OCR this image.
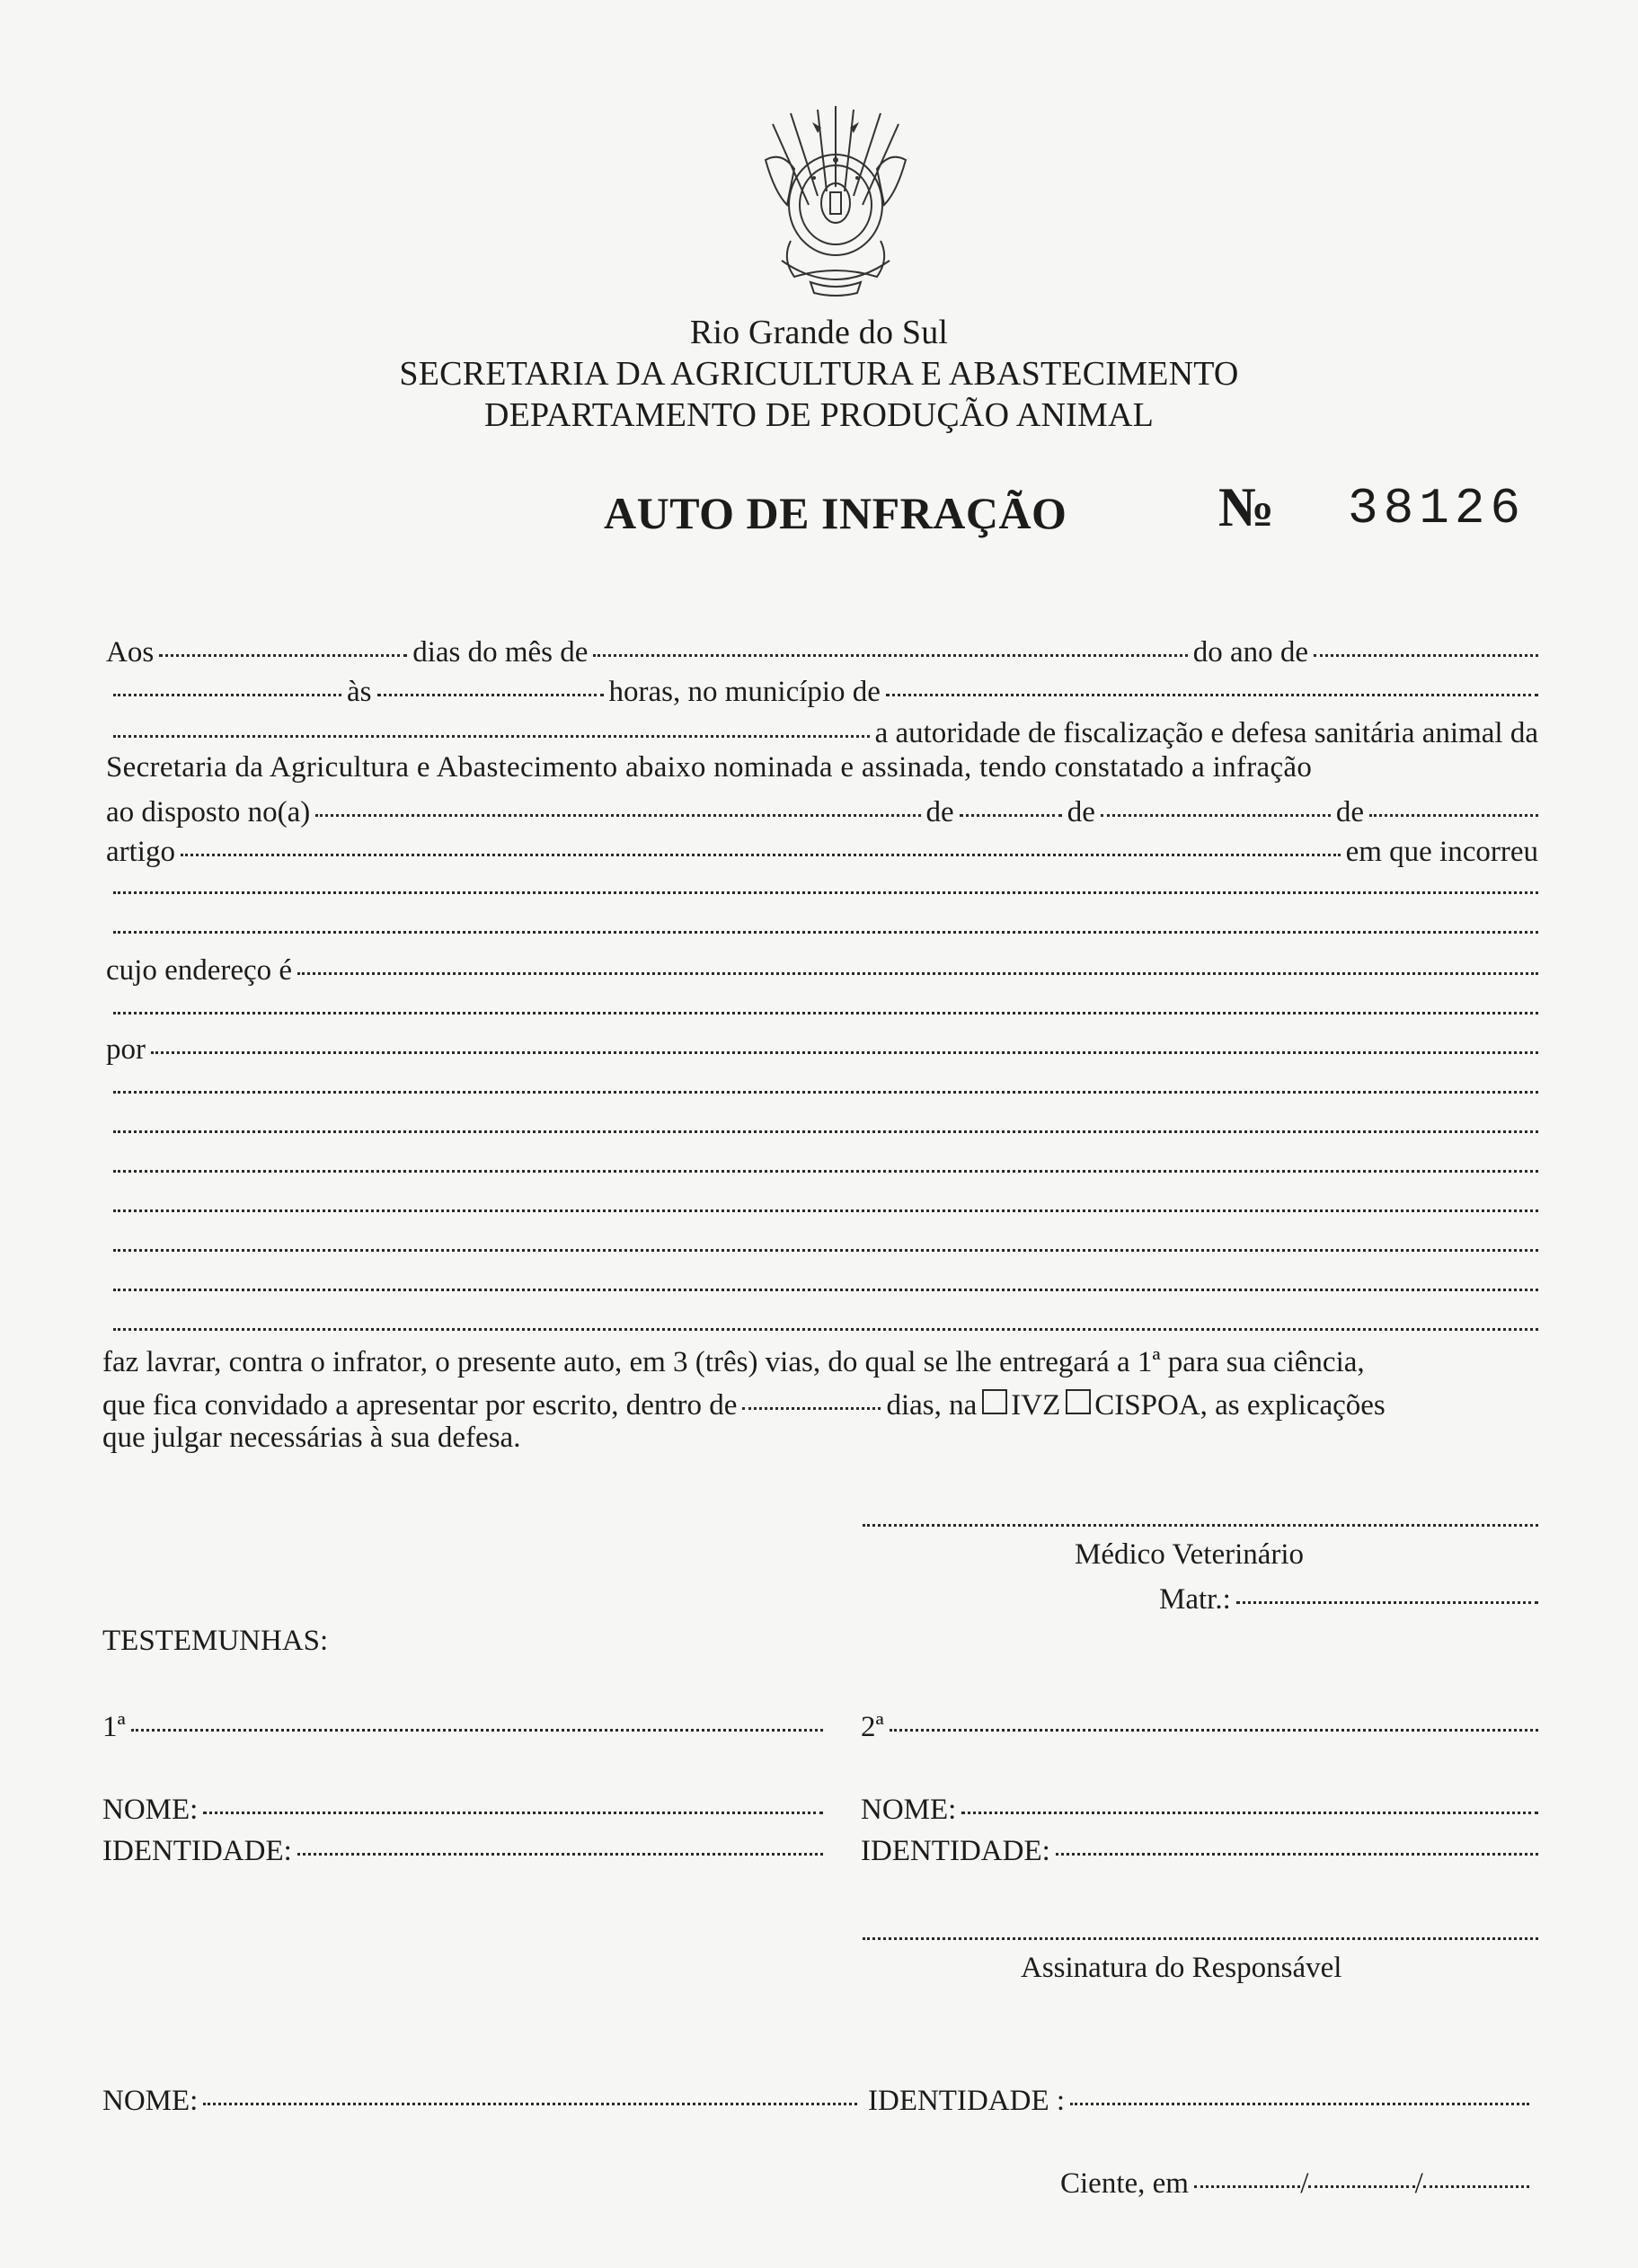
Rio Grande do Sul
SECRETARIA DA AGRICULTURA E ABASTECIMENTO
DEPARTAMENTO DE PRODUÇÃO ANIMAL
AUTO DE INFRAÇÃO	№ 38126
Aos	dias do mês de	do ano de
às	horas, no município de
a autoridade de fiscalização e defesa sanitária animal da
Secretaria da Agricultura e Abastecimento abaixo nominada e assinada, tendo constatado a infração
ao disposto no(a)	de	de	de
artigo	em que incorreu
cujo endereço é
por
faz lavrar, contra o infrator, o presente auto, em 3 (três) vias, do qual se lhe entregará a 1ª para sua ciência,
que fica convidado a apresentar por escrito, dentro de	dias, na IVZ CISPOA, as explicações
que julgar necessárias à sua defesa.
Médico Veterinário
Matr.:
TESTEMUNHAS:
1ª	2ª
NOME:	NOME:
IDENTIDADE:	IDENTIDADE:
Assinatura do Responsável
NOME:	IDENTIDADE :
Ciente, em	/	/
